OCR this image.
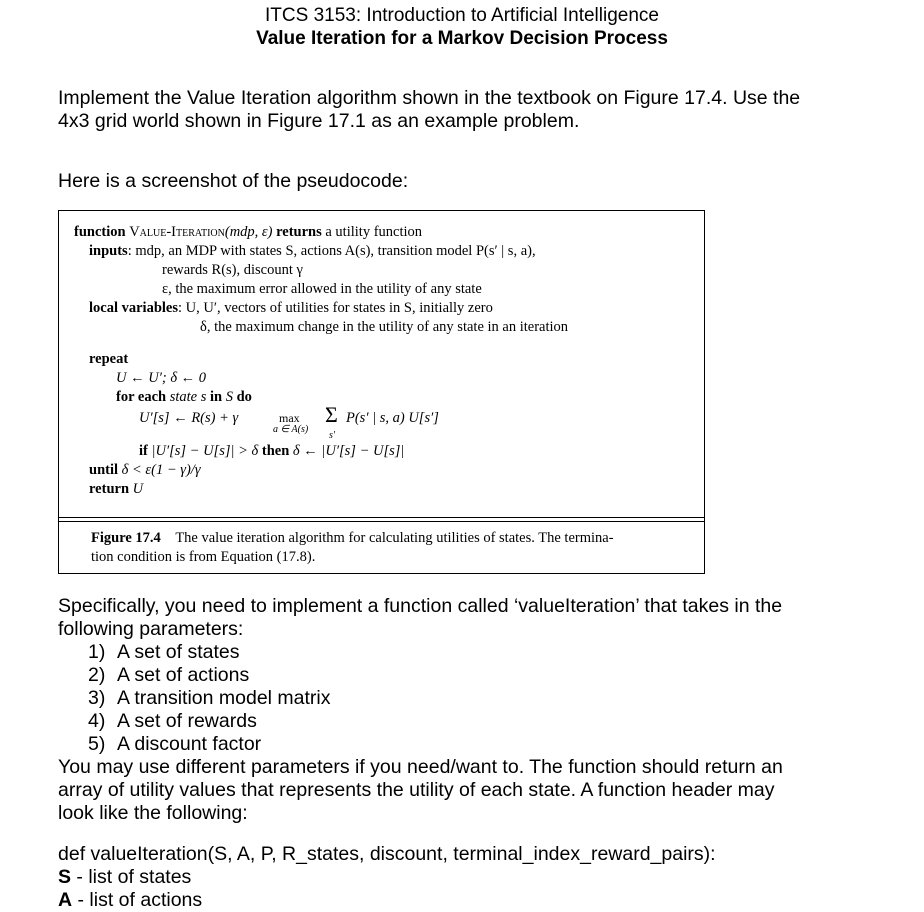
ITCS 3153: Introduction to Artificial Intelligence
Value Iteration for a Markov Decision Process
Implement the Value Iteration algorithm shown in the textbook on Figure 17.4. Use the
4x3 grid world shown in Figure 17.1 as an example problem.
Here is a screenshot of the pseudocode:
function Value-Iteration(mdp, ε) returns a utility function
inputs: mdp, an MDP with states S, actions A(s), transition model P(s′ | s, a),
rewards R(s), discount γ
ε, the maximum error allowed in the utility of any state
local variables: U, U′, vectors of utilities for states in S, initially zero
δ, the maximum change in the utility of any state in an iteration
repeat
U ← U′; δ ← 0
for each state s in S do
U′[s] ← R(s) + γ	max
a ∈ A(s)
Σ
s′
P(s′ | s, a) U[s′]
if |U′[s] − U[s]| > δ then δ ← |U′[s] − U[s]|
until δ < ε(1 − γ)/γ
return U
Figure 17.4 The value iteration algorithm for calculating utilities of states. The termina-
tion condition is from Equation (17.8).
Specifically, you need to implement a function called ‘valueIteration’ that takes in the
following parameters:
1) A set of states
2) A set of actions
3) A transition model matrix
4) A set of rewards
5) A discount factor
You may use different parameters if you need/want to. The function should return an
array of utility values that represents the utility of each state. A function header may
look like the following:
def valueIteration(S, A, P, R_states, discount, terminal_index_reward_pairs):
S - list of states
A - list of actions
